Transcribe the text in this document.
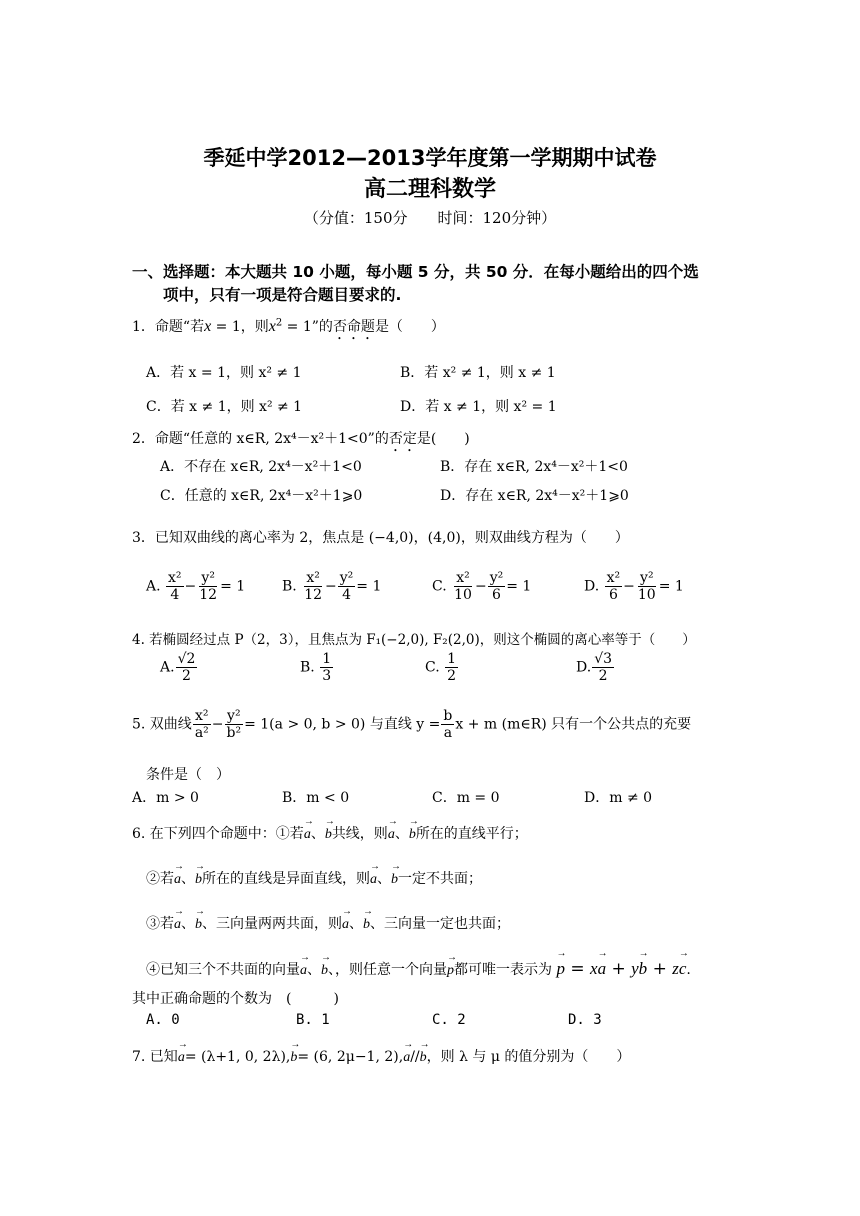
季延中学2012—2013学年度第一学期期中试卷
高二理科数学
（分值：150分　　时间：120分钟）
一、选择题：本大题共 10 小题，每小题 5 分，共 50 分．在每小题给出的四个选
项中，只有一项是符合题目要求的.
1．命题“若x = 1，则$x^2 = 1$”的否命题是（　　）
A．若 x = 1，则 x² ≠ 1	B．若 x² ≠ 1，则 x ≠ 1
C．若 x ≠ 1，则 x² ≠ 1	D．若 x ≠ 1，则 x² = 1
2．命题“任意的 x∈R, 2x⁴－x²＋1<0”的否定是(　　)
A．不存在 x∈R, 2x⁴－x²＋1<0	B．存在 x∈R, 2x⁴－x²＋1<0
C．任意的 x∈R, 2x⁴－x²＋1⩾0	D．存在 x∈R, 2x⁴－x²＋1⩾0
3．已知双曲线的离心率为 2，焦点是 (−4,0)，(4,0)，则双曲线方程为（　　）
A. $\frac{\text{x²}}{4} - \frac{\text{y²}}{12} = 1$	B. $\frac{\text{x²}}{12} - \frac{\text{y²}}{4} = 1$	C. $\frac{\text{x²}}{10} - \frac{\text{y²}}{6} = 1$	D. $\frac{\text{x²}}{6} - \frac{\text{y²}}{10} = 1$
4. 若椭圆经过点 P（2，3），且焦点为 F₁(−2,0), F₂(2,0)，则这个椭圆的离心率等于（　　）
A. $\frac{√2}{2}$	B. $\frac{1}{3}$	C. $\frac{1}{2}$	D. $\frac{√3}{2}$
5. 双曲线 $\frac{\text{x²}}{\text{a²}} - \frac{\text{y²}}{\text{b²}} = 1(a > 0$, b > 0) 与直线 $y = \frac{b}{a}$ x + m (m∈R) 只有一个公共点的充要
条件是（　）
A．m > 0	B．m < 0	C．m = 0	D．m ≠ 0
6. 在下列四个命题中：①若→ a、→ b共线，则→ a、→ b所在的直线平行；
②若→ a、→ b所在的直线是异面直线，则→ a、→ b一定不共面；
③若→ a、→ b、三向量两两共面，则→ a、→ b、三向量一定也共面；
④已知三个不共面的向量→ a、→ b、，则任意一个向量→ p都可唯一表示为 → p = x→ a + y→ b + z→ c.
其中正确命题的个数为　(　　　)
A. 0	B. 1	C. 2	D. 3
7. 已知→ a= (λ+1, 0, 2λ),→ b= (6, 2μ−1, 2),→ a//→ b，则 λ 与 μ 的值分别为（　　）
